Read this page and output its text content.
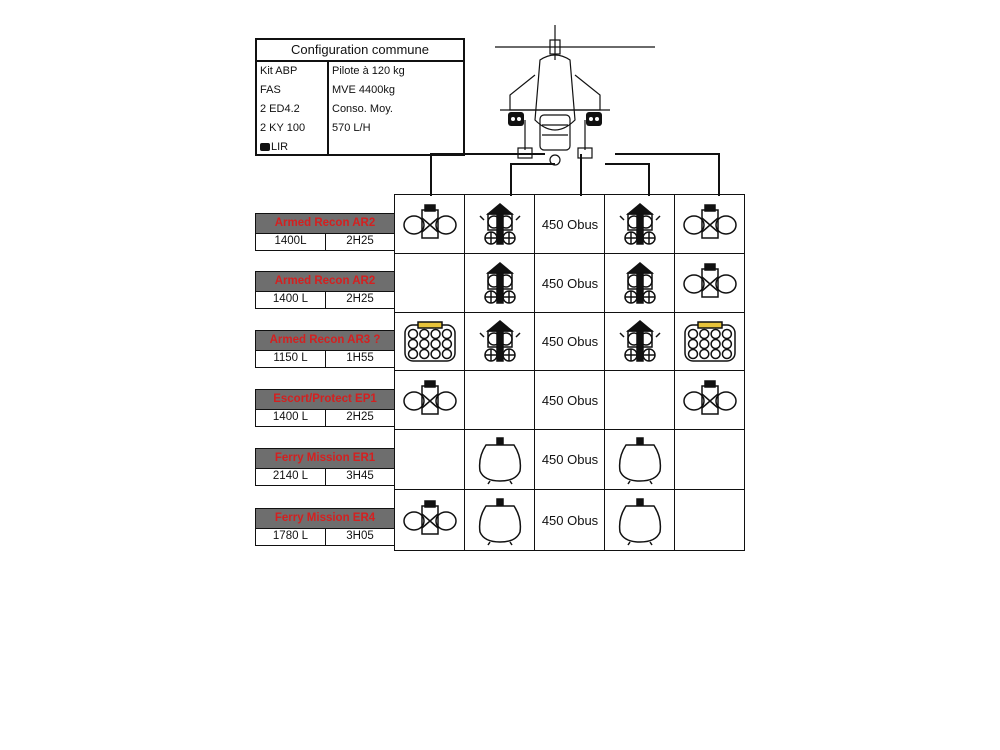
Configuration commune
Kit ABP
FAS
2 ED4.2
2 KY 100
LIR
Pilote à 120 kg
MVE 4400kg
Conso. Moy.
570 L/H
450 Obus
450 Obus
450 Obus
450 Obus
450 Obus
450 Obus
Armed Recon AR2
1400L	2H25
Armed Recon AR2
1400 L	2H25
Armed Recon AR3 ?
1150 L	1H55
Escort/Protect EP1
1400 L	2H25
Ferry Mission ER1
2140 L	3H45
Ferry Mission ER4
1780 L	3H05
